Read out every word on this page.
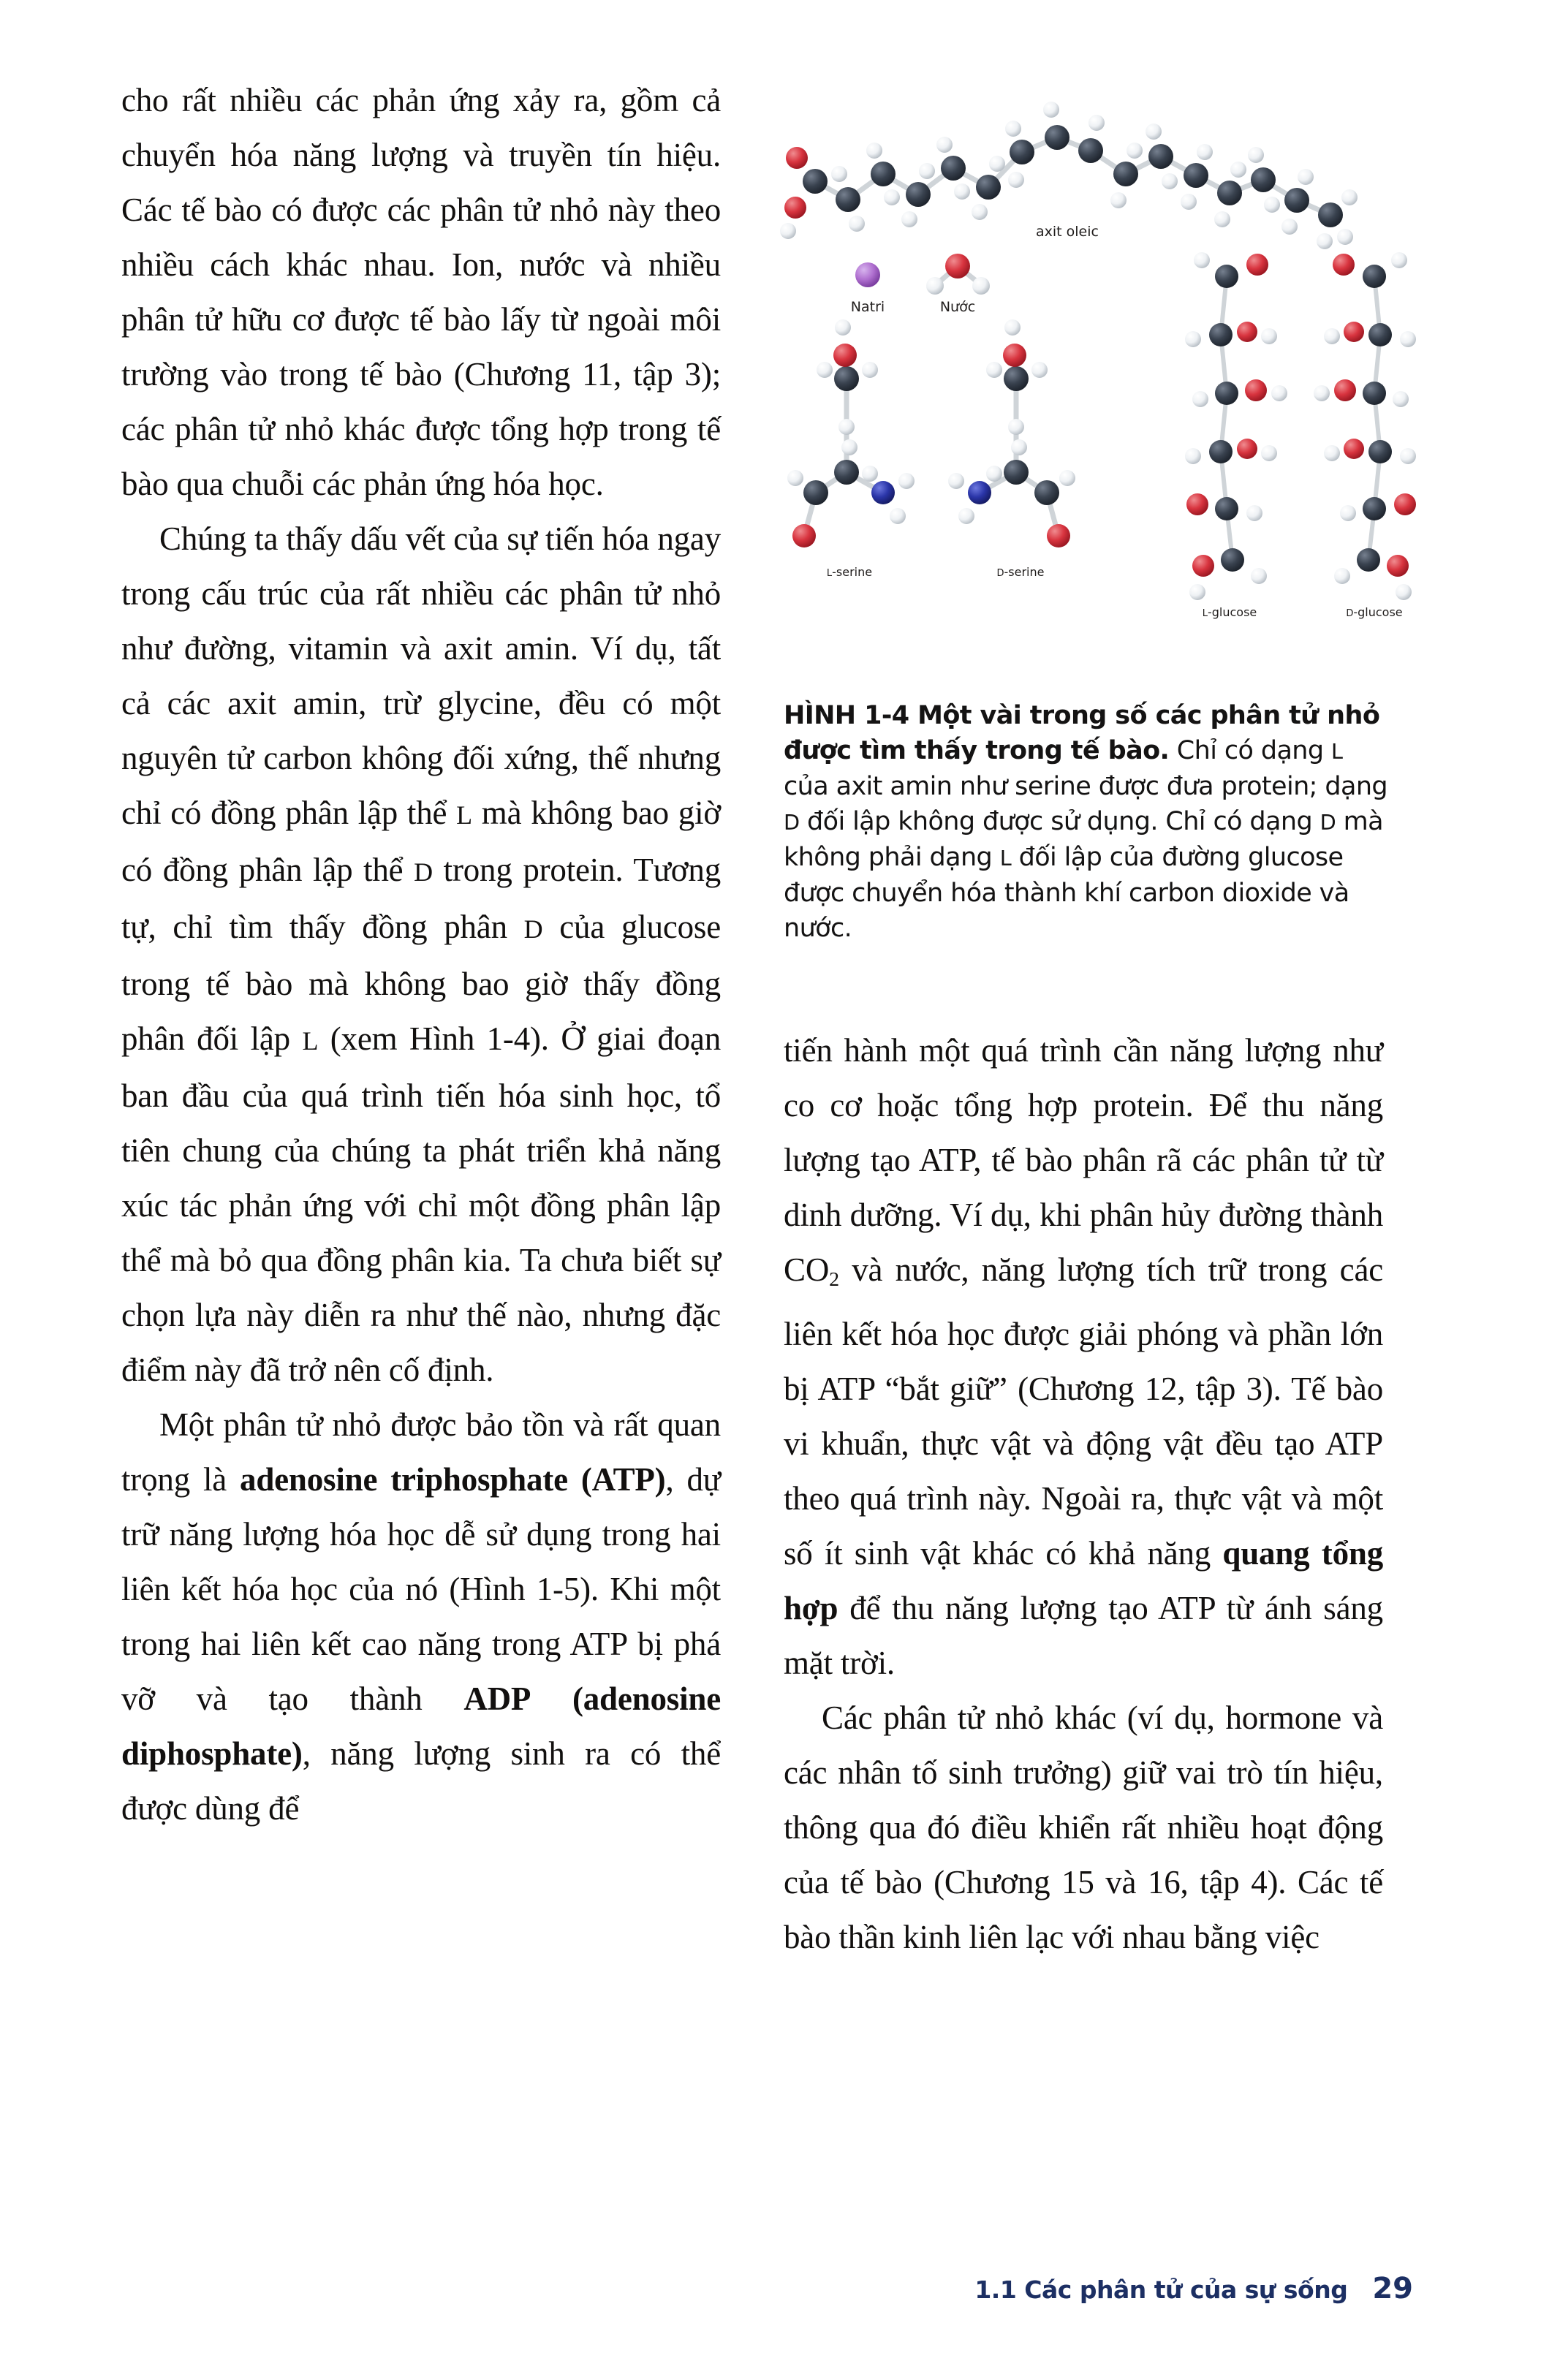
cho rất nhiều các phản ứng xảy ra, gồm cả chuyển hóa năng lượng và truyền tín hiệu. Các tế bào có được các phân tử nhỏ này theo nhiều cách khác nhau. Ion, nước và nhiều phân tử hữu cơ được tế bào lấy từ ngoài môi trường vào trong tế bào (Chương 11, tập 3); các phân tử nhỏ khác được tổng hợp trong tế bào qua chuỗi các phản ứng hóa học.

Chúng ta thấy dấu vết của sự tiến hóa ngay trong cấu trúc của rất nhiều các phân tử nhỏ như đường, vitamin và axit amin. Ví dụ, tất cả các axit amin, trừ glycine, đều có một nguyên tử carbon không đối xứng, thế nhưng chỉ có đồng phân lập thể L mà không bao giờ có đồng phân lập thể D trong protein. Tương tự, chỉ tìm thấy đồng phân D của glucose trong tế bào mà không bao giờ thấy đồng phân đối lập L (xem Hình 1-4). Ở giai đoạn ban đầu của quá trình tiến hóa sinh học, tổ tiên chung của chúng ta phát triển khả năng xúc tác phản ứng với chỉ một đồng phân lập thể mà bỏ qua đồng phân kia. Ta chưa biết sự chọn lựa này diễn ra như thế nào, nhưng đặc điểm này đã trở nên cố định.

Một phân tử nhỏ được bảo tồn và rất quan trọng là adenosine triphosphate (ATP), dự trữ năng lượng hóa học dễ sử dụng trong hai liên kết hóa học của nó (Hình 1-5). Khi một trong hai liên kết cao năng trong ATP bị phá vỡ và tạo thành ADP (adenosine diphosphate), năng lượng sinh ra có thể được dùng để

axit oleic
Natri	Nước
L-serine	D-serine
L-glucose	D-glucose
HÌNH 1-4 Một vài trong số các phân tử nhỏ được tìm thấy trong tế bào. Chỉ có dạng L của axit amin như serine được đưa protein; dạng D đối lập không được sử dụng. Chỉ có dạng D mà không phải dạng L đối lập của đường glucose được chuyển hóa thành khí carbon dioxide và nước.

tiến hành một quá trình cần năng lượng như co cơ hoặc tổng hợp protein. Để thu năng lượng tạo ATP, tế bào phân rã các phân tử từ dinh dưỡng. Ví dụ, khi phân hủy đường thành $CO_2$ và nước, năng lượng tích trữ trong các liên kết hóa học được giải phóng và phần lớn bị ATP “bắt giữ” (Chương 12, tập 3). Tế bào vi khuẩn, thực vật và động vật đều tạo ATP theo quá trình này. Ngoài ra, thực vật và một số ít sinh vật khác có khả năng quang tổng hợp để thu năng lượng tạo ATP từ ánh sáng mặt trời.

Các phân tử nhỏ khác (ví dụ, hormone và các nhân tố sinh trưởng) giữ vai trò tín hiệu, thông qua đó điều khiển rất nhiều hoạt động của tế bào (Chương 15 và 16, tập 4). Các tế bào thần kinh liên lạc với nhau bằng việc

1.1 Các phân tử của sự sống 29
